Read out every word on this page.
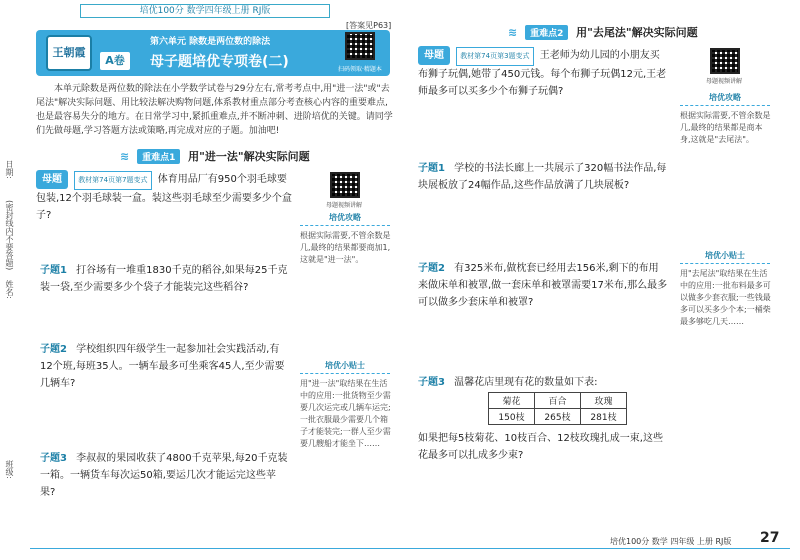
日期:
(密封线内不要答题)
姓名:
班级:
培优100分 数学四年级上册 RJ版
[答案见P63]
王朝霞
第六单元 除数是两位数的除法
A卷	母子题培优专项卷(二)	扫码领取·精题本
本单元除数是两位数的除法在小学数学试卷与29分左右,常考考点中,用"进一法"或"去尾法"解决实际问题、用比较法解决购物问题,体系教材重点部分考查核心内容的重要难点,也是最容易失分的地方。在日常学习中,紧抓重难点,并不断冲刺、进阶培优的关键。请同学们先做母题,学习答题方法或策略,再完成对应的子题。加油吧!
≋ 重难点1 用"进一法"解决实际问题
母题 教材第74页第7题变式 体育用品厂有950个羽毛球要包装,12个羽毛球装一盒。装这些羽毛球至少需要多少个盒子?
子题1 打谷场有一堆重1830千克的稻谷,如果每25千克装一袋,至少需要多少个袋子才能装完这些稻谷?
子题2 学校组织四年级学生一起参加社会实践活动,有12个班,每班35人。一辆车最多可坐乘客45人,至少需要几辆车?
子题3 李叔叔的果园收获了4800千克苹果,每20千克装一箱。一辆货车每次运50箱,要运几次才能运完这些苹果?
母题视频讲解
培优攻略
根据实际需要,不管余数是几,最终的结果都要商加1,这就是"进一法"。
培优小贴士
用"进一法"取结果在生活中的应用:一批货物至少需要几次运完或几辆车运完;一批衣服最少需要几个箱子才能装完;一群人至少需要几艘船才能坐下……
≋ 重难点2 用"去尾法"解决实际问题
母题 教材第74页第3题变式 王老师为幼儿园的小朋友买布狮子玩偶,她带了450元钱。每个布狮子玩偶12元,王老师最多可以买多少个布狮子玩偶?
子题1 学校的书法长廊上一共展示了320幅书法作品,每块展板放了24幅作品,这些作品放满了几块展板?
子题2 有325米布,做枕套已经用去156米,剩下的布用来做床单和被罩,做一套床单和被罩需要17米布,那么最多可以做多少套床单和被罩?
子题3 温馨花店里现有花的数量如下表:
菊花	百合	玫瑰
150枝	265枝	281枝
如果把每5枝菊花、10枝百合、12枝玫瑰扎成一束,这些花最多可以扎成多少束?
母题视频讲解
培优攻略
根据实际需要,不管余数是几,最终的结果都是商本身,这就是"去尾法"。
培优小贴士
用"去尾法"取结果在生活中的应用:一批布料最多可以做多少套衣服;一些钱最多可以买多少个本;一桶柴最多够吃几天……
培优100分 数学 四年级 上册 RJ版 27
